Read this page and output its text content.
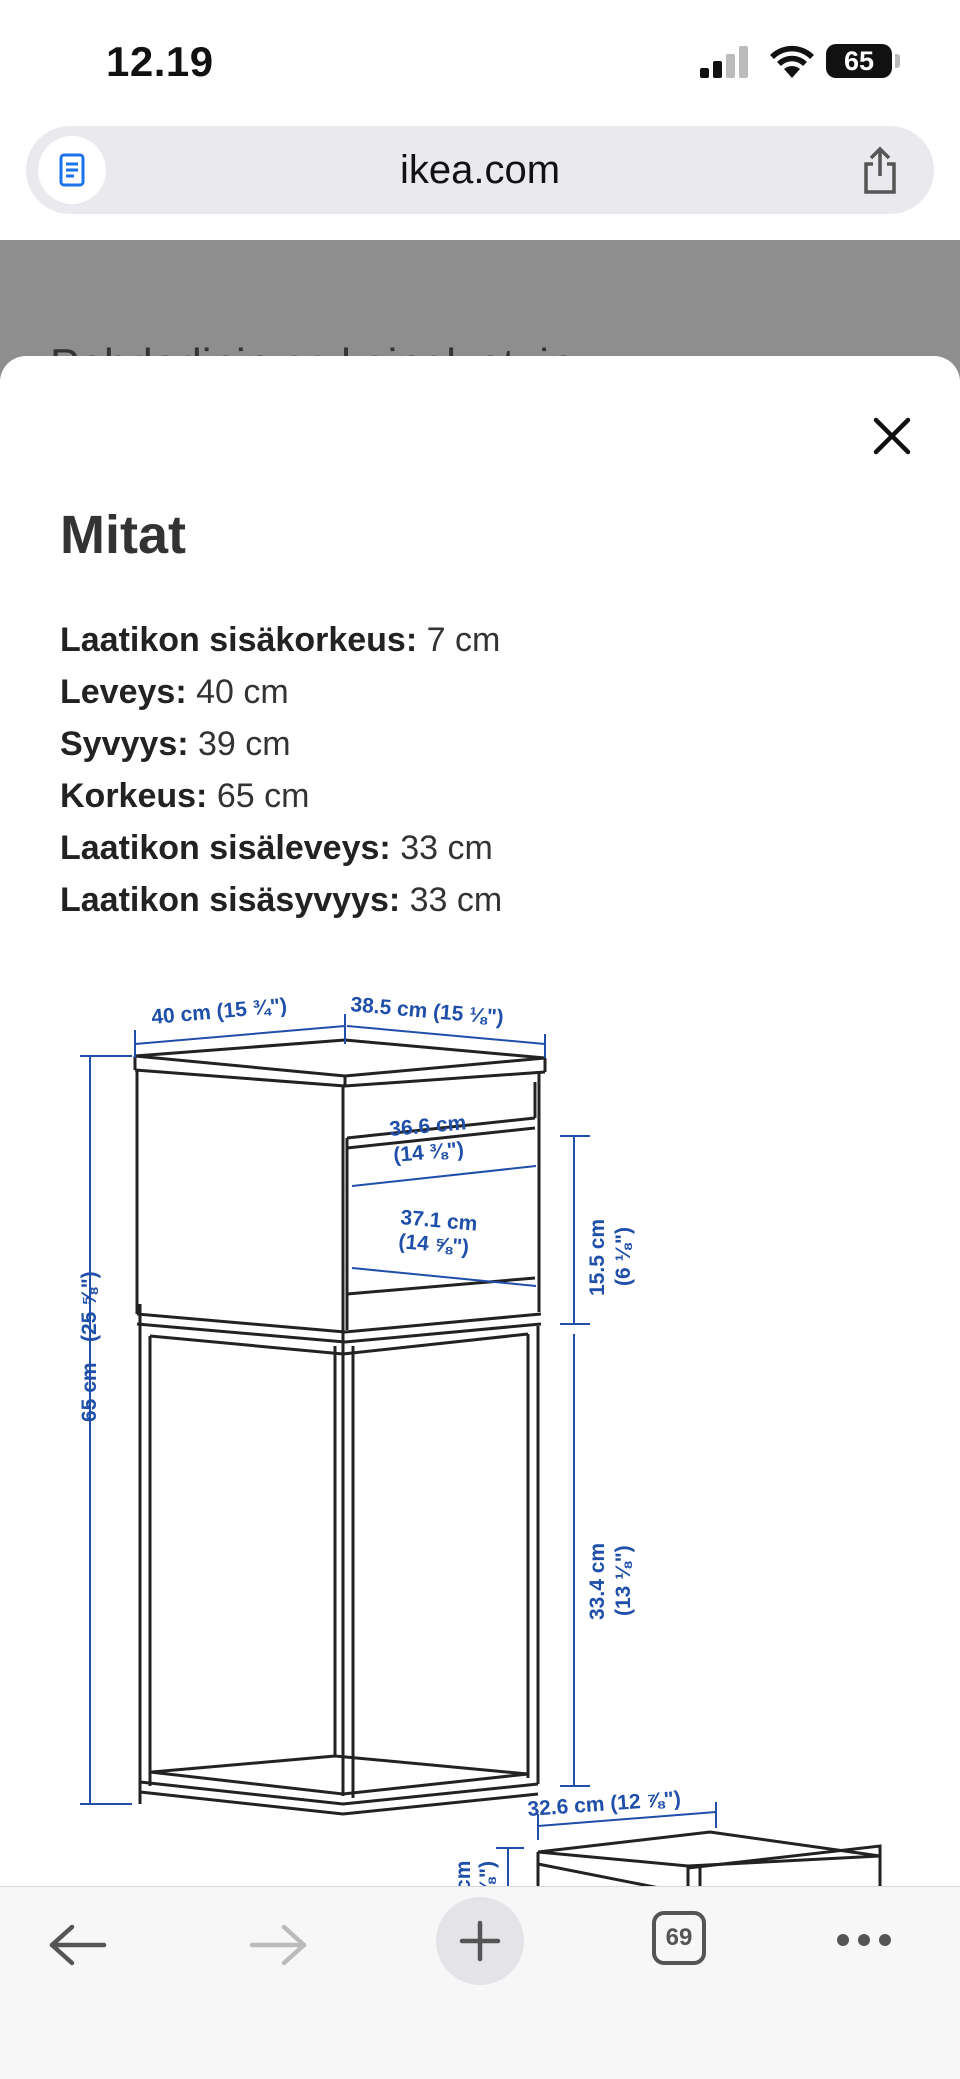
12.19	65
ikea.com
Mitat
Laatikon sisäkorkeus: 7 cm
Leveys: 40 cm
Syvyys: 39 cm
Korkeus: 65 cm
Laatikon sisäleveys: 33 cm
Laatikon sisäsyvyys: 33 cm
40 cm (15 ¾")	38.5 cm (15 ⅛")
65 cm
(25 ⅝")
36.6 cm
(14 ⅜")
37.1 cm
(14 ⅝")	15.5 cm (6 ⅛")
33.4 cm (13 ⅛")
32.6 cm (12 ⅞")
69
